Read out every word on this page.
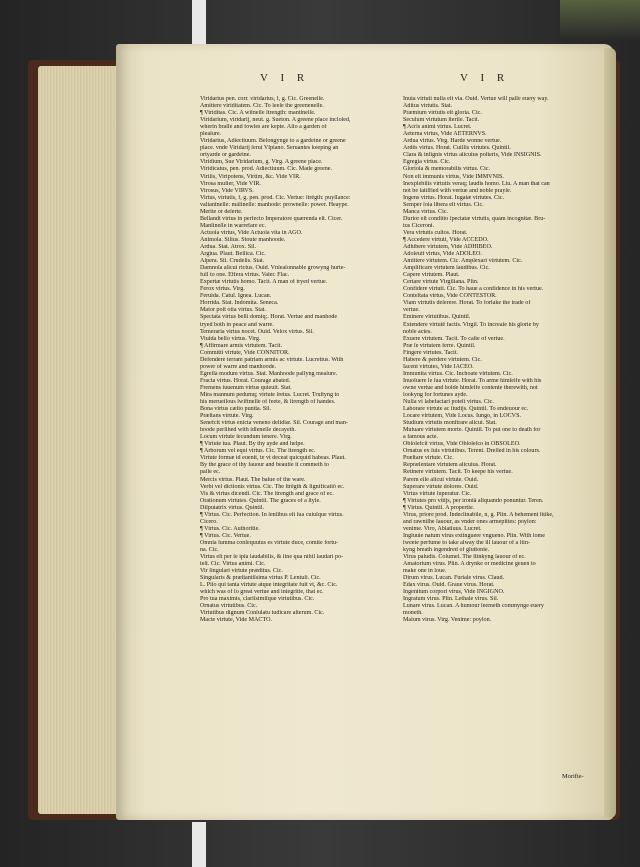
V I R	V I R
Viridarius pen. corr. viridarius, f, g. Cic. Greenelſe.
Amittere viriditatem. Cic. To leeſe the greeneneſſe.
¶ Viriditas. Cic. A wilneſſe ſtrength: mantineſſe.
Viridarium, viridarij, neut. g. Sueton. A greene place incloſed,
wherin braſſe and fowles are kepte. Alſo a garden of
pleaſure.
Viridarius, Adiectiuum. Belongynge to a gardeine or greene
place. vnde Viridarij ſerui Vlpiano. Seruantes keeping an
ortyarde or gardeine.
Viridium, Sue Viridarium, g. Virg. A greene place.
Viridicatus, pen. prod. Adiectiuum. Cic. Made greene.
Virilis, Viripotens, Virtim, &c. Vide VIR.
Virosa mulier, Vide VIR.
Virosus, Vide VIRVS.
Virtus, virtutis, f, g. pen. prod. Cic. Vertue: ſtrēgth: puyſſance:
valiantneſſe: mãlineſſe: manhode: prowneſſe: power. Heaype.
Merite or deſerte.
Bellandi virtus in perfecto Imperatore quærenda eſt. Cicer.
Manlineſſe in warrefare ec.
Actuoſa virtus, Vide Actuoſa vita in AGO.
Animoſa. Silius. Stoute manhoode.
Ardua. Stat. Atrox. Sil.
Argiua. Plaut. Bellica. Cic.
Aſpera. Sil. Crudelis. Stat.
Damnoſa alicui rictus. Ouid. Vnſeaſonnable growyng hurte-
full to one. Effera virtus. Valer. Flac.
Expertæ virtutis homo. Tacit. A man of tryed vertue.
Ferox virtus. Virg.
Feruida. Catul. Ignea. Lucan.
Horrida. Stat. Indomita. Seneca.
Maior poſt otia virtus. Stat.
Spectata virtus belli domiq;. Horat. Vertue and manhode
tryed both in peace and warre.
Temeraria virtus nocet. Ouid. Velox virtus. Sil.
Viuida bello virtus. Virg.
¶ Affirmare armis virtutem. Tacit.
Committi virtute, Vide CONNITOR.
Defendere terram patriam armis ac virtute. Lucretius. With
power of warre and manhoode.
Egreſſa modum virtus. Stat. Manhoode paſſyng meaſure.
Fracta virtus. Horat. Courage abated.
Fremens iuuenum virtus quieuit. Stat.
Mira mannum pedumq; virtute ſretus. Lucret. Truſtyng to
his merueilous ſwiftneſſe of feete, & ſtrength of handes.
Bona virtus cælio punita. Sil.
Præſtans virtute. Virg.
Senefcit virtus enicta veneno deſidiæ. Sil. Courage and man-
hoode perſihed with idleneſſe decayeth.
Locum virtute ſecundum tenere. Virg.
¶ Virtute tua. Plaut. By thy ayde and helpe.
¶ Arborum vel equi virtus. Cic. The ſtrength ec.
Virtute formæ id euenit, te vt deceat quicquid habeas. Plaut.
By the grace of thy fauour and beautie it commeth to
paſſe ec.
Mercis virtus. Plaut. The balue of the ware.
Verbi vel dictionis virtus. Cic. The ſtrēgth & ſignificatiō ec.
Vis & virtus dicendi. Cic. The ſtrength and grace of ec.
Orationum virtutes. Quintil. The graces of a ſtyle.
Diſputatrix virtus. Quintil.
¶ Virtus. Cic. Perfection. In ſenſibus eſt ſua cuiuſque virtus.
Cicero.
¶ Virtus. Cic. Authoritie.
¶ Virtus. Cic. Vertue.
Omnia ſumma conſequutus es virtute duce, comite fortu-
na. Cic.
Virtus eſt per ſe ipſa laudabilis, & ſine qua nihil laudari po-
teſt. Cic. Virtus animi. Cic.
Vir ſingulari virtute præditus. Cic.
Singularis & præſtantiſsima virtus P. Lentuli. Cic.
L. Piſo qui tanta virtute atque integritate fuit vt, &c. Cic.
which was of ſo great vertue and integritie, that ec.
Pro tua maximis, clariſsimiſque virtutibus. Cic.
Ornatus virtutibus. Cic.
Virtutibus dignum Conſulatu iudicare alterum. Cic.
Macte virtute, Vide MACTO.
Inuia virtuti nulla eſt via. Ouid. Vertue will paſſe euery way.
Aditus virtutis. Stat.
Præmium virtutis eſt gloria. Cic.
Seculum virtutum ſterile. Tacit.
¶ Acris animi virtus. Lucret.
Aeterna virtus, Vide AETERNVS.
Ardua virtus. Virg. Harde wonne vertue.
Ardēs virtus. Horat. Cuiſlis virtutes. Quintil.
Clara & inſignis virtus alicuius poſteris, Vide INSIGNIS.
Egregia virtus. Cic.
Glorioſa & memorabilis virtus. Cic.
Non eſt immunis virtus, Vide IMMVNIS.
Inexplebilis virtutis veraq; laudis homo. Liu. A man that can
not be ſatiſfied with vertue and noble prayſe.
Ingens virtus. Horat. Iugatæ virtutes. Cic.
Semper ſola libera eſt virtus. Cic.
Manca virtus. Cic.
Durior eſt conditio ſpectatæ virtutis, quàm incognitæ. Bru-
tus Ciceroni.
Vera virtutis cuſtos. Horat.
¶ Accedere virtuti, Vide ACCEDO.
Adhibere virtutem, Vide ADHIBEO.
Adoleuit virtus, Vide ADOLEO.
Amittere virtutem. Cic. Amplexari virtutem. Cic.
Amplificare virtutem laudibus. Cic.
Capere virtutem. Plaut.
Certare virtute Virgiliana. Plin.
Confidere virtuti. Cic. To haue a confidence in his vertue.
Conteſtata virtus, Vide CONTESTOR.
Viam virtutis deſerere. Horat. To forſake the trade of
vertue.
Eminere virtutibus. Quintil.
Extendere virtutē factis. Virgil. To increaſe his glorie by
noble actes.
Exuere virtutem. Tacit. To caſte of vertue.
Præ ſe virtutem ferre. Quintil.
Fingere virtutes. Tacit.
Habere & perdere virtutem. Cic.
Iacent virtutes, Vide IACEO.
Immunita virtus. Cic. Inchoate virtutem. Cic.
Inuoluere ſe ſua virtute. Horat. To arme himſelfe with his
owne vertue and holde himſelfe contente therewith, not
lookyng for fortunes ayde.
Nulla vi labefactari poteſt virtus. Cic.
Laborare virtute ac ſtudijs. Quintil. To endeuour ec.
Locare virtutem, Vide Locus. Iungo, in LOCVS.
Studium virtutis monſtrare alicui. Stat.
Mutuare virtutem morte. Quintil. To put one to death for
a famous acte.
Obſolefcit virtus, Vide Obſoleſco in OBSOLEO.
Ornatus ex ſuis virtutibus. Terent. Dreſſed in his colours.
Præſtare virtute. Cic.
Repræſentare virtutem alicuius. Horat.
Retinere virtutem. Tacit. To keepe his vertue.
Parem eſſe alicui virtute. Ouid.
Superare virtute dolores. Ouid.
Virtus virtute ſuperatur. Cic.
¶ Virtutes pro vitijs, per ironiā aliquando ponuntur. Teren.
¶ Virtus. Quintil. A propertie.
Virus, priore prod. Indeclinabile, n, g. Plin. A behement ſtũke,
and rawniſhe ſauour, as vnder ones armepittes: poyſon:
venime. Viro, Ablatiuus. Lucret.
Ingluuie natum virus extinguere vngueno. Plin. With ſome
ſweete perfume to take alway the ill ſauour of a ſtin-
kyng breath ingendred of gluttonie.
Virus paludis. Columel. The ſtinkyng ſauour of ec.
Amatorium virus. Plin. A drynke or medicine geuen to
make one in loue.
Dirum virus. Lucan. Furiale virus. Claud.
Edax virus. Ouid. Graue virus. Horat.
Ingenitum corpori virus, Vide INGIGNO.
Ingratum virus. Plin. Lethale virus. Sil.
Lunare virus. Lucan. A humour ſeemeth commynge euery
moneth.
Malum virus. Virg. Venime: poyſon.
Morifie-
